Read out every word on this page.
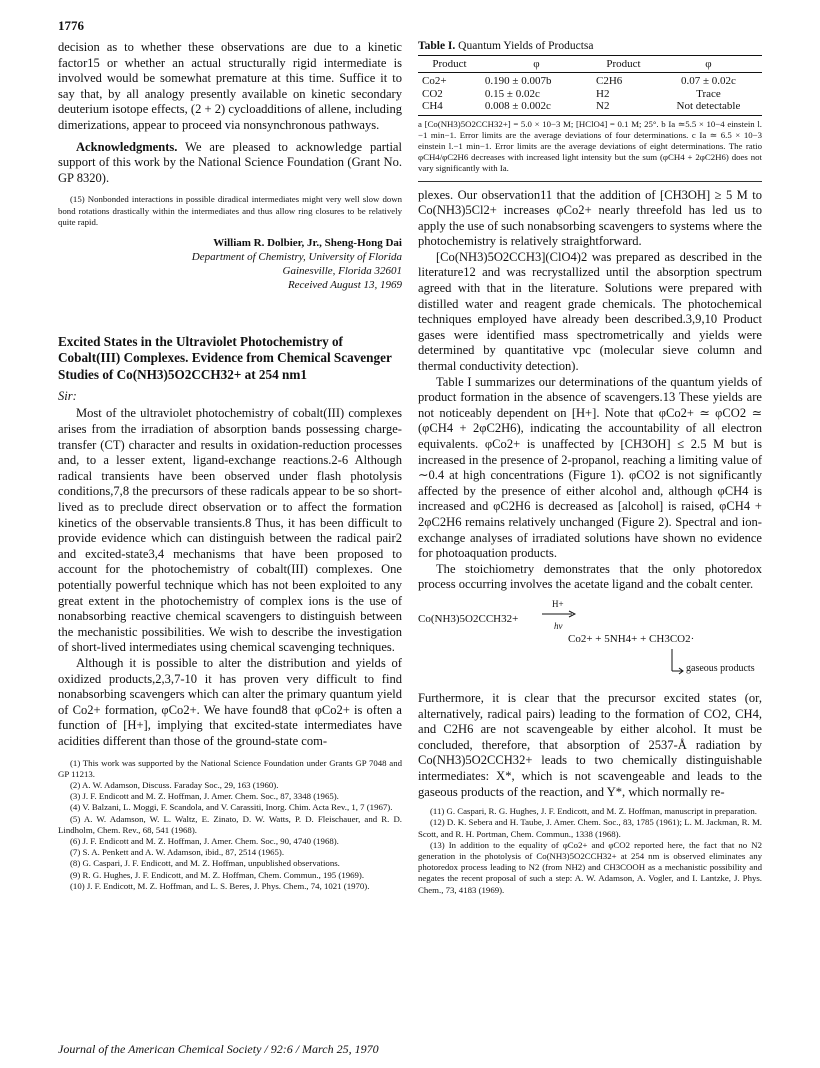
1776

decision as to whether these observations are due to a kinetic factor15 or whether an actual structurally rigid intermediate is involved would be somewhat premature at this time. Suffice it to say that, by all analogy presently available on kinetic secondary deuterium isotope effects, (2 + 2) cycloadditions of allene, including dimerizations, appear to proceed via nonsynchronous pathways.

Acknowledgments. We are pleased to acknowledge partial support of this work by the National Science Foundation (Grant No. GP 8320).

(15) Nonbonded interactions in possible diradical intermediates might very well slow down bond rotations drastically within the intermediates and thus allow ring closures to be relatively quite rapid.

William R. Dolbier, Jr., Sheng-Hong Dai
Department of Chemistry, University of Florida
Gainesville, Florida 32601
Received August 13, 1969

Excited States in the Ultraviolet Photochemistry of Cobalt(III) Complexes. Evidence from Chemical Scavenger Studies of Co(NH3)5O2CCH32+ at 254 nm1

Sir:

Most of the ultraviolet photochemistry of cobalt(III) complexes arises from the irradiation of absorption bands possessing charge-transfer (CT) character and results in oxidation-reduction processes and, to a lesser extent, ligand-exchange reactions.2-6 Although radical transients have been observed under flash photolysis conditions,7,8 the precursors of these radicals appear to be so short-lived as to preclude direct observation or to affect the formation kinetics of the observable transients.8 Thus, it has been difficult to provide evidence which can distinguish between the radical pair2 and excited-state3,4 mechanisms that have been proposed to account for the photochemistry of cobalt(III) complexes. One potentially powerful technique which has not been exploited to any great extent in the photochemistry of complex ions is the use of nonabsorbing reactive chemical scavengers to distinguish between the mechanistic possibilities. We wish to describe the investigation of short-lived intermediates using chemical scavenging techniques.

Although it is possible to alter the distribution and yields of oxidized products,2,3,7-10 it has proven very difficult to find nonabsorbing scavengers which can alter the primary quantum yield of Co2+ formation, φCo2+. We have found8 that φCo2+ is often a function of [H+], implying that excited-state intermediates have acidities different than those of the ground-state com-

(1) This work was supported by the National Science Foundation under Grants GP 7048 and GP 11213.

(2) A. W. Adamson, Discuss. Faraday Soc., 29, 163 (1960).

(3) J. F. Endicott and M. Z. Hoffman, J. Amer. Chem. Soc., 87, 3348 (1965).

(4) V. Balzani, L. Moggi, F. Scandola, and V. Carassiti, Inorg. Chim. Acta Rev., 1, 7 (1967).

(5) A. W. Adamson, W. L. Waltz, E. Zinato, D. W. Watts, P. D. Fleischauer, and R. D. Lindholm, Chem. Rev., 68, 541 (1968).

(6) J. F. Endicott and M. Z. Hoffman, J. Amer. Chem. Soc., 90, 4740 (1968).

(7) S. A. Penkett and A. W. Adamson, ibid., 87, 2514 (1965).

(8) G. Caspari, J. F. Endicott, and M. Z. Hoffman, unpublished observations.

(9) R. G. Hughes, J. F. Endicott, and M. Z. Hoffman, Chem. Commun., 195 (1969).

(10) J. F. Endicott, M. Z. Hoffman, and L. S. Beres, J. Phys. Chem., 74, 1021 (1970).

Table I. Quantum Yields of Productsa
Product	φ	Product	φ
Co2+	0.190 ± 0.007b	C2H6	0.07 ± 0.02c
CO2	0.15 ± 0.02c	H2	Trace
CH4	0.008 ± 0.002c	N2	Not detectable

a [Co(NH3)5O2CCH32+] = 5.0 × 10−3 M; [HClO4] = 0.1 M; 25°. b Ia ≃5.5 × 10−4 einstein l.−1 min−1. Error limits are the average deviations of four determinations. c Ia ≃ 6.5 × 10−3 einstein l.−1 min−1. Error limits are the average deviations of eight determinations. The ratio φCH4/φC2H6 decreases with increased light intensity but the sum (φCH4 + 2φC2H6) does not vary significantly with Ia.

plexes. Our observation11 that the addition of [CH3OH] ≥ 5 M to Co(NH3)5Cl2+ increases φCo2+ nearly threefold has led us to apply the use of such nonabsorbing scavengers to systems where the photochemistry is relatively straightforward.

[Co(NH3)5O2CCH3](ClO4)2 was prepared as described in the literature12 and was recrystallized until the absorption spectrum agreed with that in the literature. Solutions were prepared with distilled water and reagent grade chemicals. The photochemical techniques employed have already been described.3,9,10 Product gases were identified mass spectrometrically and yields were determined by quantitative vpc (molecular sieve column and thermal conductivity detection).

Table I summarizes our determinations of the quantum yields of product formation in the absence of scavengers.13 These yields are not noticeably dependent on [H+]. Note that φCo2+ ≃ φCO2 ≃ (φCH4 + 2φC2H6), indicating the accountability of all electron equivalents. φCo2+ is unaffected by [CH3OH] ≤ 2.5 M but is increased in the presence of 2-propanol, reaching a limiting value of ∼0.4 at high concentrations (Figure 1). φCO2 is not significantly affected by the presence of either alcohol and, although φCH4 is increased and φC2H6 is decreased as [alcohol] is raised, φCH4 + 2φC2H6 remains relatively unchanged (Figure 2). Spectral and ion-exchange analyses of irradiated solutions have shown no evidence for photoaquation products.

The stoichiometry demonstrates that the only photoredox process occurring involves the acetate ligand and the cobalt center.

Co(NH3)5O2CCH32+
H+
hν
Co2+ + 5NH4+ + CH3CO2·
gaseous products

Furthermore, it is clear that the precursor excited states (or, alternatively, radical pairs) leading to the formation of CO2, CH4, and C2H6 are not scavengeable by either alcohol. It must be concluded, therefore, that absorption of 2537-Å radiation by Co(NH3)5O2CCH32+ leads to two chemically distinguishable intermediates: X*, which is not scavengeable and leads to the gaseous products of the reaction, and Y*, which normally re-

(11) G. Caspari, R. G. Hughes, J. F. Endicott, and M. Z. Hoffman, manuscript in preparation.

(12) D. K. Sebera and H. Taube, J. Amer. Chem. Soc., 83, 1785 (1961); L. M. Jackman, R. M. Scott, and R. H. Portman, Chem. Commun., 1338 (1968).

(13) In addition to the equality of φCo2+ and φCO2 reported here, the fact that no N2 generation in the photolysis of Co(NH3)5O2CCH32+ at 254 nm is observed eliminates any photoredox process leading to N2 (from NH2) and CH3COOH as a mechanistic possibility and negates the recent proposal of such a step: A. W. Adamson, A. Vogler, and I. Lantzke, J. Phys. Chem., 73, 4183 (1969).

Journal of the American Chemical Society / 92:6 / March 25, 1970
